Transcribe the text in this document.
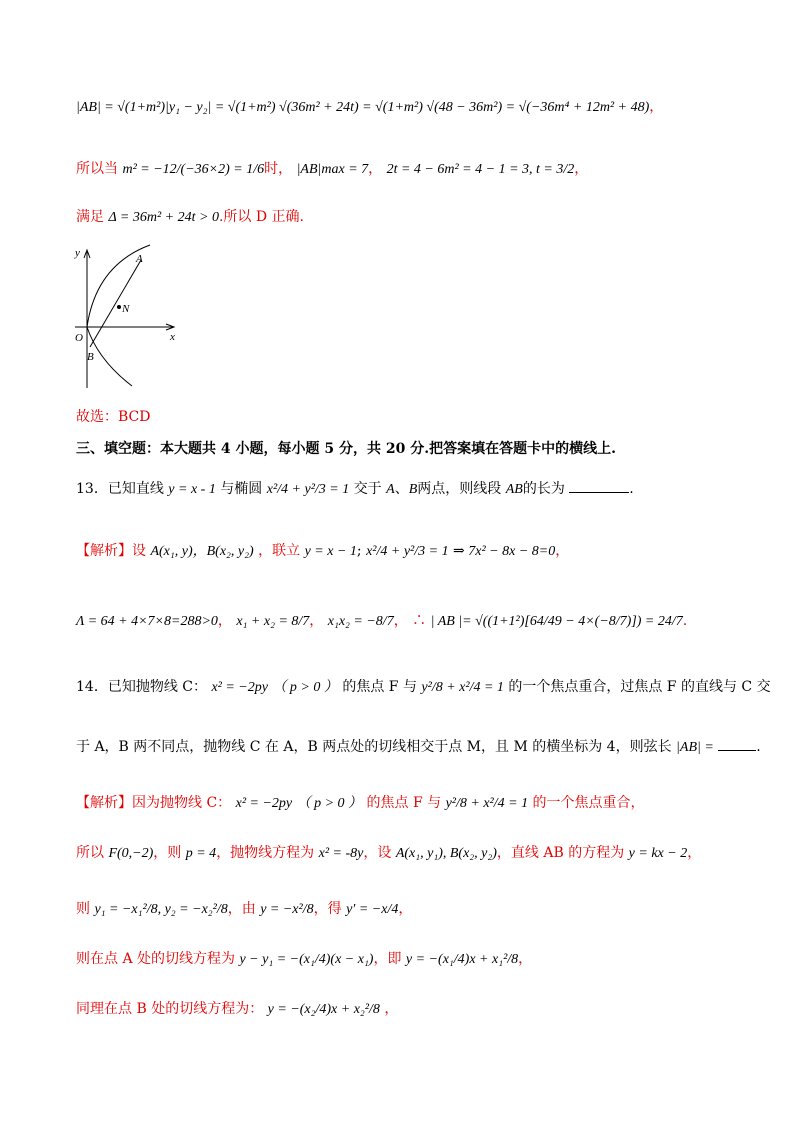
|AB| = √(1+m²)|y₁ − y₂| = √(1+m²) √(36m² + 24t) = √(1+m²) √(48 − 36m²) = √(−36m⁴ + 12m² + 48)，
所以当 m² = −12/(−36×2) = 1/6时， |AB|max = 7， 2t = 4 − 6m² = 4 − 1 = 3, t = 3/2，
满足 Δ = 36m² + 24t > 0.所以 D 正确.
y
x
O
A
B
N
故选：BCD
三、填空题：本大题共 4 小题，每小题 5 分，共 20 分.把答案填在答题卡中的横线上.
13．已知直线 y = x - 1 与椭圆 x²/4 + y²/3 = 1 交于 A、B两点，则线段 AB的长为	.
【解析】设 A(x₁, y)，B(x₂, y₂) ，联立 y = x − 1; x²/4 + y²/3 = 1 ⇒ 7x² − 8x − 8=0，
Λ = 64 + 4×7×8=288>0， x₁ + x₂ = 8/7， x₁x₂ = −8/7， ∴ | AB |= √((1+1²)[64/49 − 4×(−8/7)]) = 24/7.
14．已知抛物线 C： x² = −2py （ p > 0 ） 的焦点 F 与 y²/8 + x²/4 = 1 的一个焦点重合，过焦点 F 的直线与 C 交
于 A，B 两不同点，抛物线 C 在 A，B 两点处的切线相交于点 M，且 M 的横坐标为 4，则弦长 |AB| =	.
【解析】因为抛物线 C： x² = −2py （ p > 0 ） 的焦点 F 与 y²/8 + x²/4 = 1 的一个焦点重合，
所以 F(0,−2)，则 p = 4，抛物线方程为 x² = -8y，设 A(x₁, y₁), B(x₂, y₂)，直线 AB 的方程为 y = kx − 2，
则 y₁ = −x₁²/8, y₂ = −x₂²/8，由 y = −x²/8，得 y′ = −x/4，
则在点 A 处的切线方程为 y − y₁ = −(x₁/4)(x − x₁)，即 y = −(x₁/4)x + x₁²/8，
同理在点 B 处的切线方程为： y = −(x₂/4)x + x₂²/8 ，
